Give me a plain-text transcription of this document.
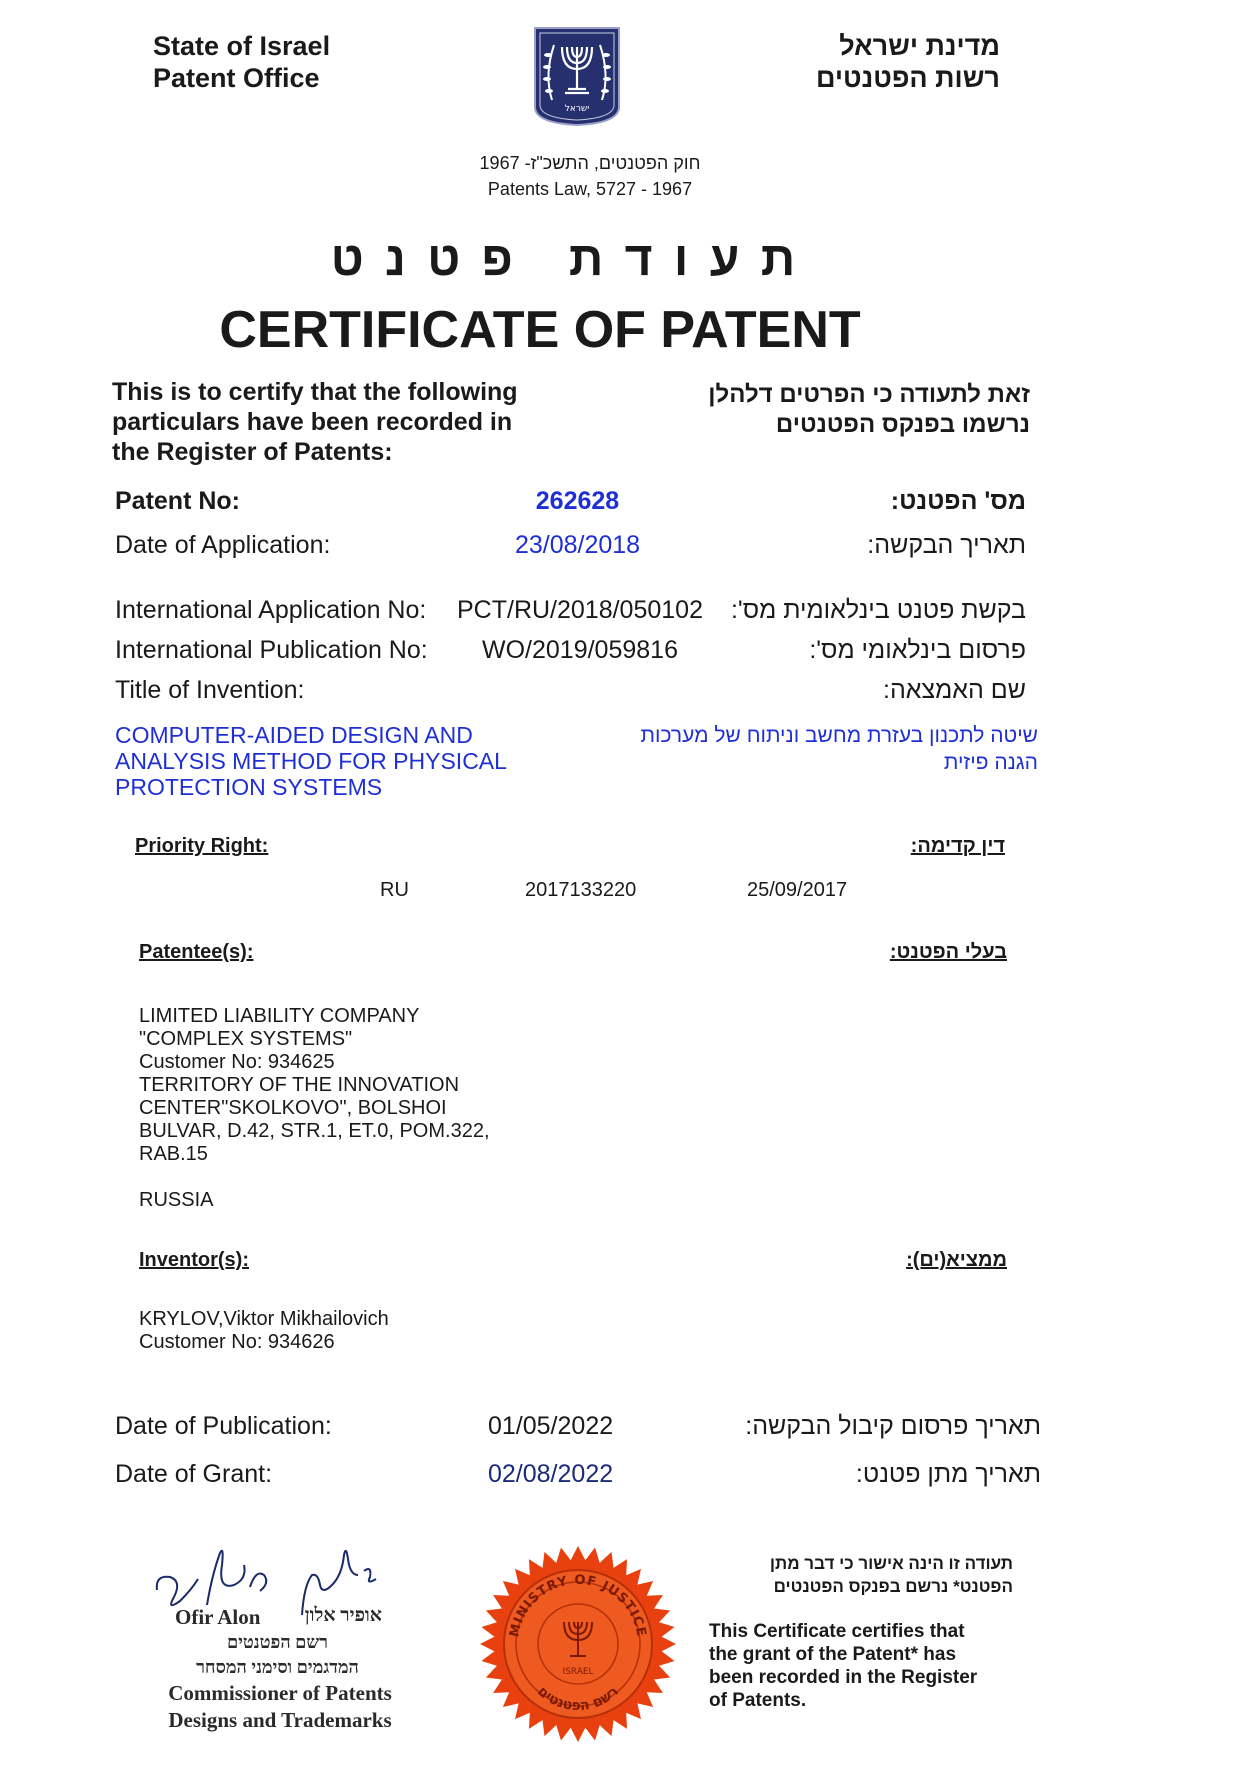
State of Israel
Patent Office
מדינת ישראל
רשות הפטנטים
ישראל
חוק הפטנטים, התשכ"ז- 1967
Patents Law, 5727 - 1967
ת ע ו ד ת   פ ט נ ט
CERTIFICATE OF PATENT
This is to certify that the following
particulars have been recorded in
the Register of Patents:
זאת לתעודה כי הפרטים דלהלן
נרשמו בפנקס הפטנטים
Patent No:	262628	מס' הפטנט:
Date of Application:	23/08/2018	תאריך הבקשה:
International Application No:	PCT/RU/2018/050102	בקשת פטנט בינלאומית מס':
International Publication No:	WO/2019/059816	פרסום בינלאומי מס':
Title of Invention:	שם האמצאה:
COMPUTER-AIDED DESIGN AND
ANALYSIS METHOD FOR PHYSICAL
PROTECTION SYSTEMS
שיטה לתכנון בעזרת מחשב וניתוח של מערכות
הגנה פיזית
Priority Right:	דין קדימה:
RU	2017133220	25/09/2017
Patentee(s):	בעלי הפטנט:
LIMITED LIABILITY COMPANY
"COMPLEX SYSTEMS"
Customer No: 934625
TERRITORY OF THE INNOVATION
CENTER"SKOLKOVO", BOLSHOI
BULVAR, D.42, STR.1, ET.0, POM.322,
RAB.15
RUSSIA
Inventor(s):	ממציא(ים):
KRYLOV,Viktor Mikhailovich
Customer No: 934626
Date of Publication:	01/05/2022	תאריך פרסום קיבול הבקשה:
Date of Grant:	02/08/2022	תאריך מתן פטנט:
Ofir Alon	אופיר אלון
רשם הפטנטים
המדגמים וסימני המסחר
Commissioner of Patents
Designs and Trademarks
MINISTRY OF JUSTICE
רשם הפטנטים
ISRAEL
תעודה זו הינה אישור כי דבר מתן
הפטנט* נרשם בפנקס הפטנטים
This Certificate certifies that
the grant of the Patent* has
been recorded in the Register
of Patents.
